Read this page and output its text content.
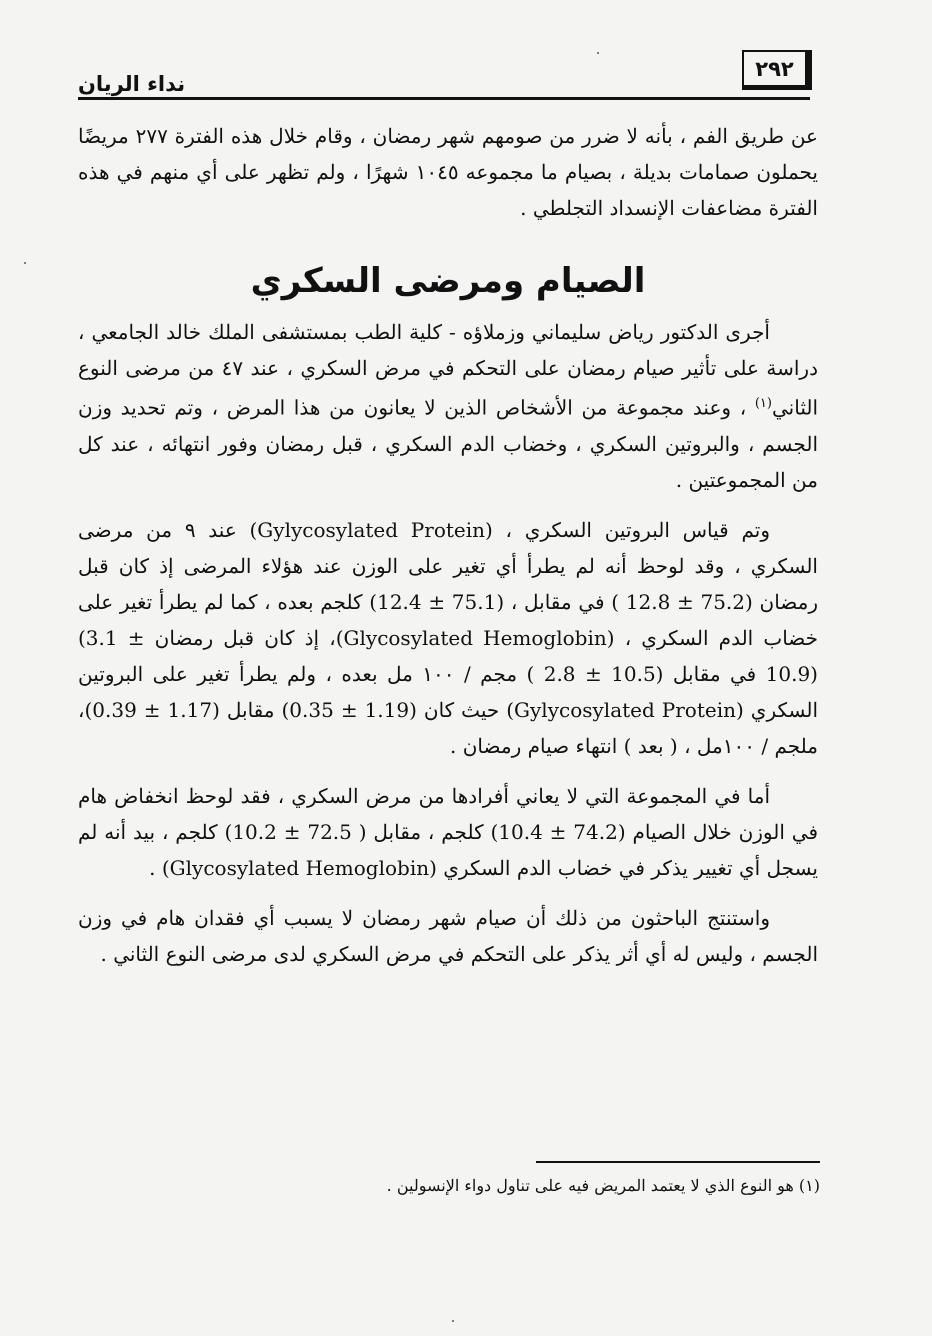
نداء الريان
٢٩٢

عن طريق الفم ، بأنه لا ضرر من صومهم شهر رمضان ، وقام خلال هذه الفترة ٢٧٧ مريضًا يحملون صمامات بديلة ، بصيام ما مجموعه ١٠٤٥ شهرًا ، ولم تظهر على أي منهم في هذه الفترة مضاعفات الإنسداد التجلطي .

الصيام ومرضى السكري

أجرى الدكتور رياض سليماني وزملاؤه - كلية الطب بمستشفى الملك خالد الجامعي ، دراسة على تأثير صيام رمضان على التحكم في مرض السكري ، عند ٤٧ من مرضى النوع الثاني$^{(١)}$ ، وعند مجموعة من الأشخاص الذين لا يعانون من هذا المرض ، وتم تحديد وزن الجسم ، والبروتين السكري ، وخضاب الدم السكري ، قبل رمضان وفور انتهائه ، عند كل من المجموعتين .

وتم قياس البروتين السكري ، (Gylycosylated Protein) عند ٩ من مرضى السكري ، وقد لوحظ أنه لم يطرأ أي تغير على الوزن عند هؤلاء المرضى إذ كان قبل رمضان ( 12.8 ± 75.2) في مقابل ، (12.4 ± 75.1) كلجم بعده ، كما لم يطرأ تغير على خضاب الدم السكري ، (Glycosylated Hemoglobin)، إذ كان قبل رمضان (3.1 ± 10.9) في مقابل ( 2.8 ± 10.5) مجم / ١٠٠ مل بعده ، ولم يطرأ تغير على البروتين السكري (Gylycosylated Protein) حيث كان (0.35 ± 1.19) مقابل (0.39 ± 1.17)، ملجم / ١٠٠مل ، ( بعد ) انتهاء صيام رمضان .

أما في المجموعة التي لا يعاني أفرادها من مرض السكري ، فقد لوحظ انخفاض هام في الوزن خلال الصيام (10.4 ± 74.2) كلجم ، مقابل (10.2 ± 72.5 ) كلجم ، بيد أنه لم يسجل أي تغيير يذكر في خضاب الدم السكري (Glycosylated Hemoglobin) .

واستنتج الباحثون من ذلك أن صيام شهر رمضان لا يسبب أي فقدان هام في وزن الجسم ، وليس له أي أثر يذكر على التحكم في مرض السكري لدى مرضى النوع الثاني .

(١) هو النوع الذي لا يعتمد المريض فيه على تناول دواء الإنسولين .
